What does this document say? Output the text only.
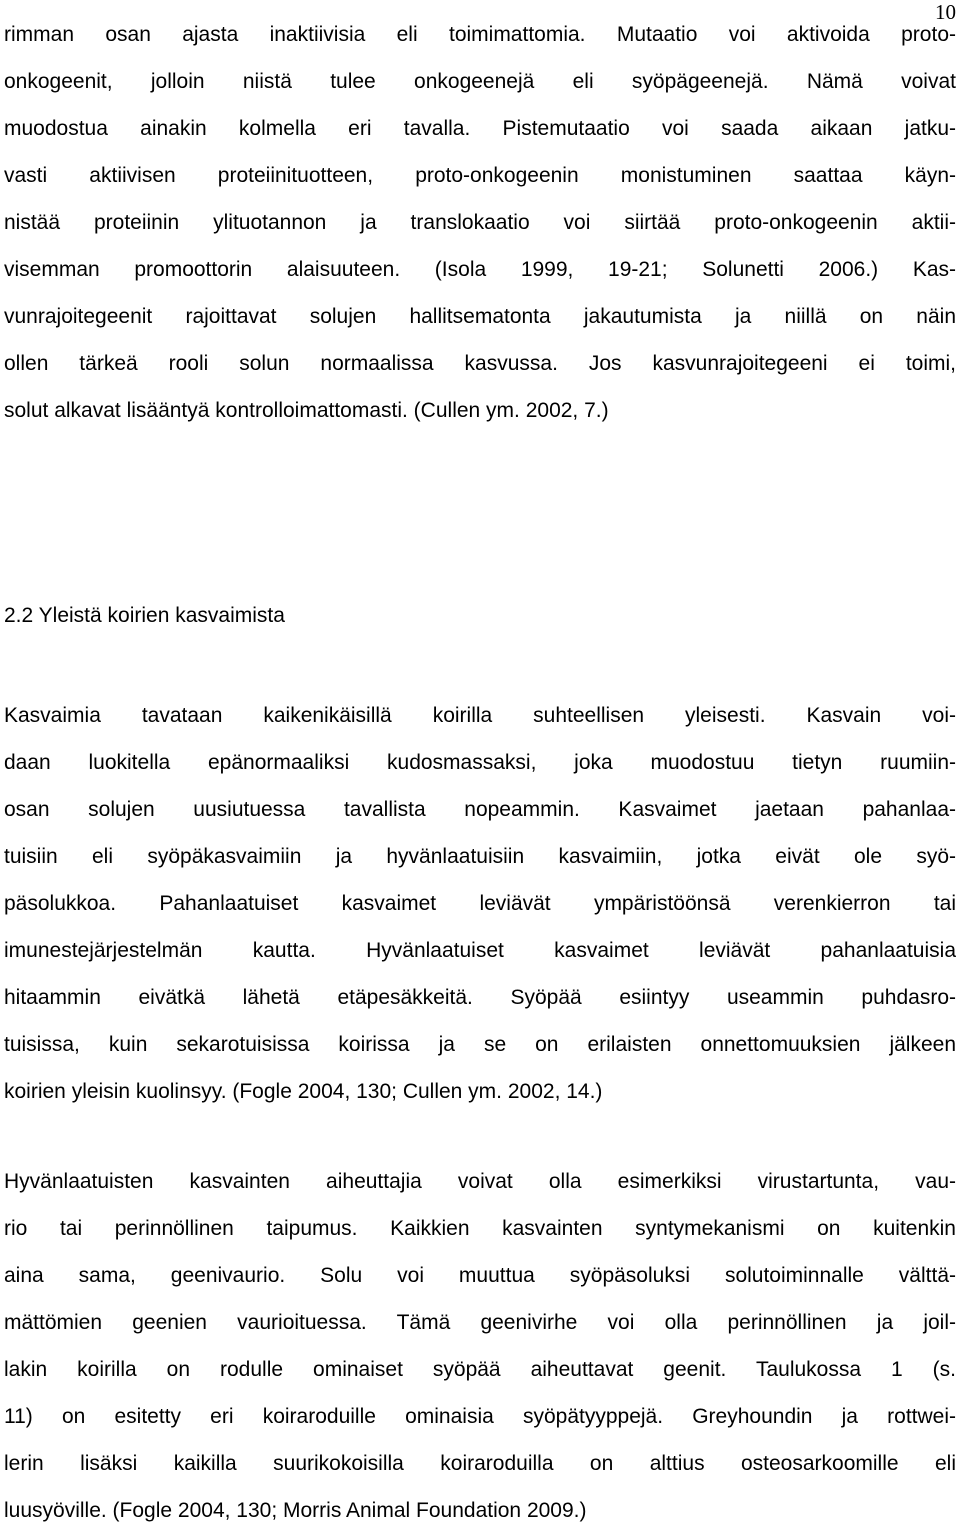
10
rimman osan ajasta inaktiivisia eli toimimattomia. Mutaatio voi aktivoida proto-
onkogeenit, jolloin niistä tulee onkogeenejä eli syöpägeenejä. Nämä voivat
muodostua ainakin kolmella eri tavalla. Pistemutaatio voi saada aikaan jatku-
vasti aktiivisen proteiinituotteen, proto-onkogeenin monistuminen saattaa käyn-
nistää proteiinin ylituotannon ja translokaatio voi siirtää proto-onkogeenin aktii-
visemman promoottorin alaisuuteen. (Isola 1999, 19-21; Solunetti 2006.) Kas-
vunrajoitegeenit rajoittavat solujen hallitsematonta jakautumista ja niillä on näin
ollen tärkeä rooli solun normaalissa kasvussa. Jos kasvunrajoitegeeni ei toimi,
solut alkavat lisääntyä kontrolloimattomasti. (Cullen ym. 2002, 7.)
2.2 Yleistä koirien kasvaimista
Kasvaimia tavataan kaikenikäisillä koirilla suhteellisen yleisesti. Kasvain voi-
daan luokitella epänormaaliksi kudosmassaksi, joka muodostuu tietyn ruumiin-
osan solujen uusiutuessa tavallista nopeammin. Kasvaimet jaetaan pahanlaa-
tuisiin eli syöpäkasvaimiin ja hyvänlaatuisiin kasvaimiin, jotka eivät ole syö-
päsolukkoa. Pahanlaatuiset kasvaimet leviävät ympäristöönsä verenkierron tai
imunestejärjestelmän kautta. Hyvänlaatuiset kasvaimet leviävät pahanlaatuisia
hitaammin eivätkä lähetä etäpesäkkeitä. Syöpää esiintyy useammin puhdasro-
tuisissa, kuin sekarotuisissa koirissa ja se on erilaisten onnettomuuksien jälkeen
koirien yleisin kuolinsyy. (Fogle 2004, 130; Cullen ym. 2002, 14.)
Hyvänlaatuisten kasvainten aiheuttajia voivat olla esimerkiksi virustartunta, vau-
rio tai perinnöllinen taipumus. Kaikkien kasvainten syntymekanismi on kuitenkin
aina sama, geenivaurio. Solu voi muuttua syöpäsoluksi solutoiminnalle välttä-
mättömien geenien vaurioituessa. Tämä geenivirhe voi olla perinnöllinen ja joil-
lakin koirilla on rodulle ominaiset syöpää aiheuttavat geenit. Taulukossa 1 (s.
11) on esitetty eri koiraroduille ominaisia syöpätyyppejä. Greyhoundin ja rottwei-
lerin lisäksi kaikilla suurikokoisilla koiraroduilla on alttius osteosarkoomille eli
luusyöville. (Fogle 2004, 130; Morris Animal Foundation 2009.)
